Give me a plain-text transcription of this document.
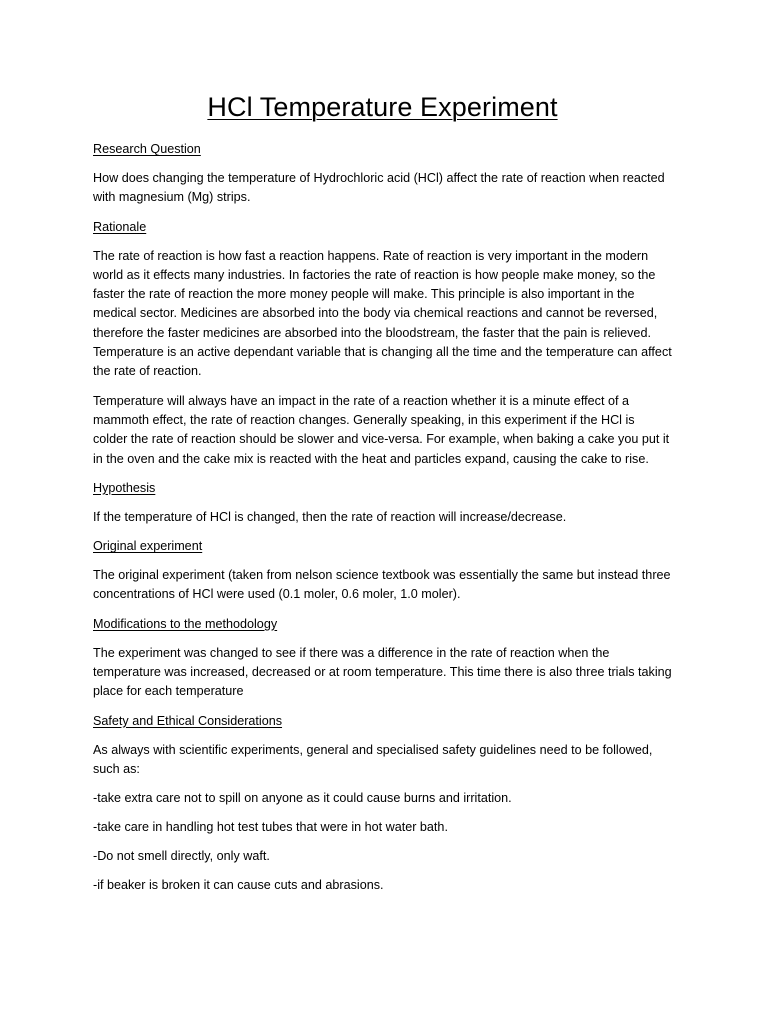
HCl Temperature Experiment
Research Question

How does changing the temperature of Hydrochloric acid (HCl) affect the rate of reaction when reacted with magnesium (Mg) strips.

Rationale

The rate of reaction is how fast a reaction happens. Rate of reaction is very important in the modern world as it effects many industries. In factories the rate of reaction is how people make money, so the faster the rate of reaction the more money people will make. This principle is also important in the medical sector. Medicines are absorbed into the body via chemical reactions and cannot be reversed, therefore the faster medicines are absorbed into the bloodstream, the faster that the pain is relieved. Temperature is an active dependant variable that is changing all the time and the temperature can affect the rate of reaction.

Temperature will always have an impact in the rate of a reaction whether it is a minute effect of a mammoth effect, the rate of reaction changes. Generally speaking, in this experiment if the HCl is colder the rate of reaction should be slower and vice-versa. For example, when baking a cake you put it in the oven and the cake mix is reacted with the heat and particles expand, causing the cake to rise.

Hypothesis

If the temperature of HCl is changed, then the rate of reaction will increase/decrease.

Original experiment

The original experiment (taken from nelson science textbook was essentially the same but instead three concentrations of HCl were used (0.1 moler, 0.6 moler, 1.0 moler).

Modifications to the methodology

The experiment was changed to see if there was a difference in the rate of reaction when the temperature was increased, decreased or at room temperature. This time there is also three trials taking place for each temperature

Safety and Ethical Considerations

As always with scientific experiments, general and specialised safety guidelines need to be followed, such as:

-take extra care not to spill on anyone as it could cause burns and irritation.

-take care in handling hot test tubes that were in hot water bath.

-Do not smell directly, only waft.

-if beaker is broken it can cause cuts and abrasions.
